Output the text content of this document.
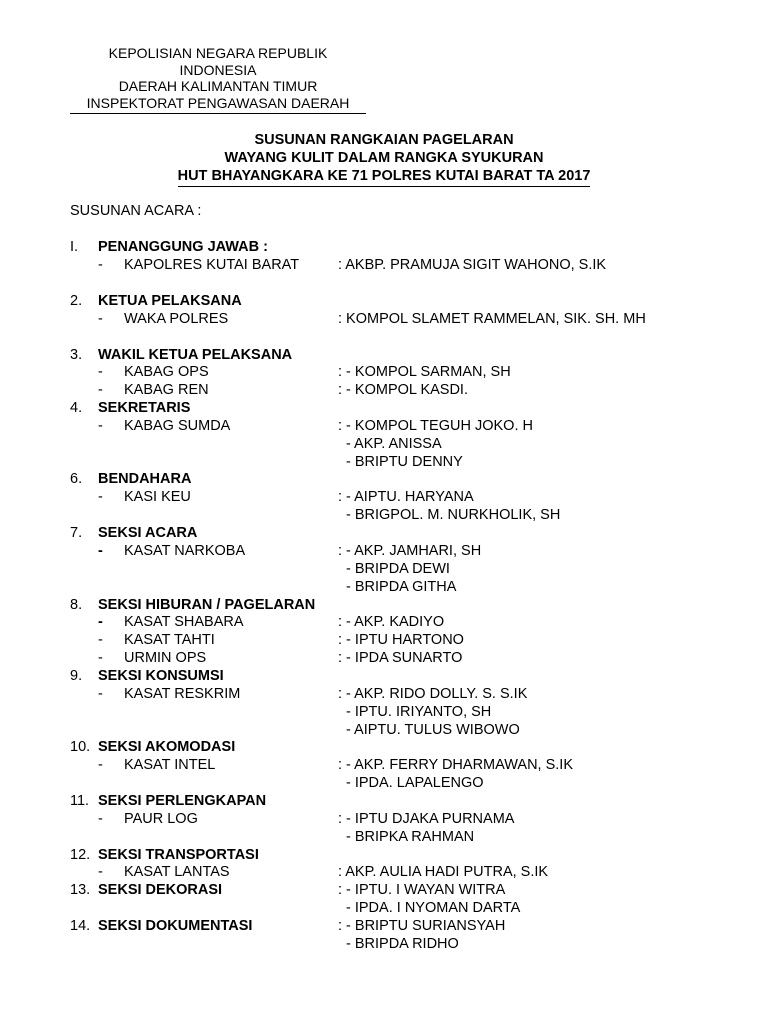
KEPOLISIAN NEGARA REPUBLIK INDONESIA
DAERAH KALIMANTAN TIMUR
INSPEKTORAT PENGAWASAN DAERAH
SUSUNAN RANGKAIAN PAGELARAN
WAYANG KULIT DALAM RANGKA SYUKURAN
HUT BHAYANGKARA KE 71 POLRES KUTAI BARAT TA 2017
SUSUNAN ACARA :
I. PENANGGUNG JAWAB :
- KAPOLRES KUTAI BARAT	: AKBP. PRAMUJA SIGIT WAHONO, S.IK
2. KETUA PELAKSANA
- WAKA POLRES	: KOMPOL SLAMET RAMMELAN, SIK. SH. MH
3. WAKIL KETUA PELAKSANA
- KABAG OPS	: - KOMPOL SARMAN, SH
- KABAG REN	: - KOMPOL KASDI.
4. SEKRETARIS
- KABAG SUMDA	: - KOMPOL TEGUH JOKO. H
- AKP. ANISSA
- BRIPTU DENNY
6. BENDAHARA
- KASI KEU	: - AIPTU. HARYANA
- BRIGPOL. M. NURKHOLIK, SH
7. SEKSI ACARA
- KASAT NARKOBA	: - AKP. JAMHARI, SH
- BRIPDA DEWI
- BRIPDA GITHA
8. SEKSI HIBURAN / PAGELARAN
- KASAT SHABARA	: - AKP. KADIYO
- KASAT TAHTI	: - IPTU HARTONO
- URMIN OPS	: - IPDA SUNARTO
9. SEKSI KONSUMSI
- KASAT RESKRIM	: - AKP. RIDO DOLLY. S. S.IK
- IPTU. IRIYANTO, SH
- AIPTU. TULUS WIBOWO
10. SEKSI AKOMODASI
- KASAT INTEL	: - AKP. FERRY DHARMAWAN, S.IK
- IPDA. LAPALENGO
11. SEKSI PERLENGKAPAN
- PAUR LOG	: - IPTU DJAKA PURNAMA
- BRIPKA RAHMAN
12. SEKSI TRANSPORTASI
- KASAT LANTAS	: AKP. AULIA HADI PUTRA, S.IK
13. SEKSI DEKORASI	: - IPTU. I WAYAN WITRA
- IPDA. I NYOMAN DARTA
14. SEKSI DOKUMENTASI	: - BRIPTU SURIANSYAH
- BRIPDA RIDHO
